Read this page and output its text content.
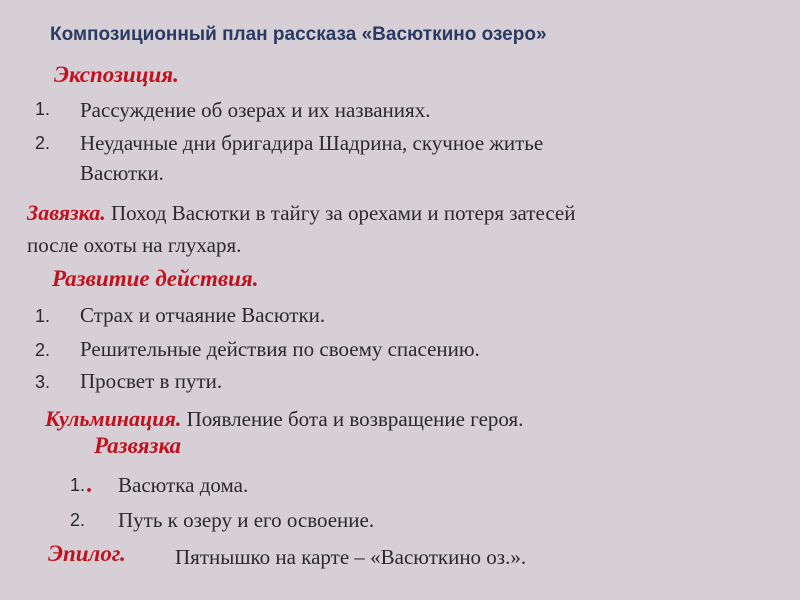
Композиционный план рассказа «Васюткино озеро»
Экспозиция.
1. Рассуждение об озерах и их названиях.
2. Неудачные дни бригадира Шадрина, скучное житье
Васютки.
Завязка. Поход Васютки в тайгу за орехами и потеря затесей
после охоты на глухаря.
Развитие действия.
1. Страх и отчаяние Васютки.
2. Решительные действия по своему спасению.
3. Просвет в пути.
Кульминация. Появление бота и возвращение героя.
Развязка
1. . Васютка дома.
2. Путь к озеру и его освоение.
Эпилог. Пятнышко на карте – «Васюткино оз.».
